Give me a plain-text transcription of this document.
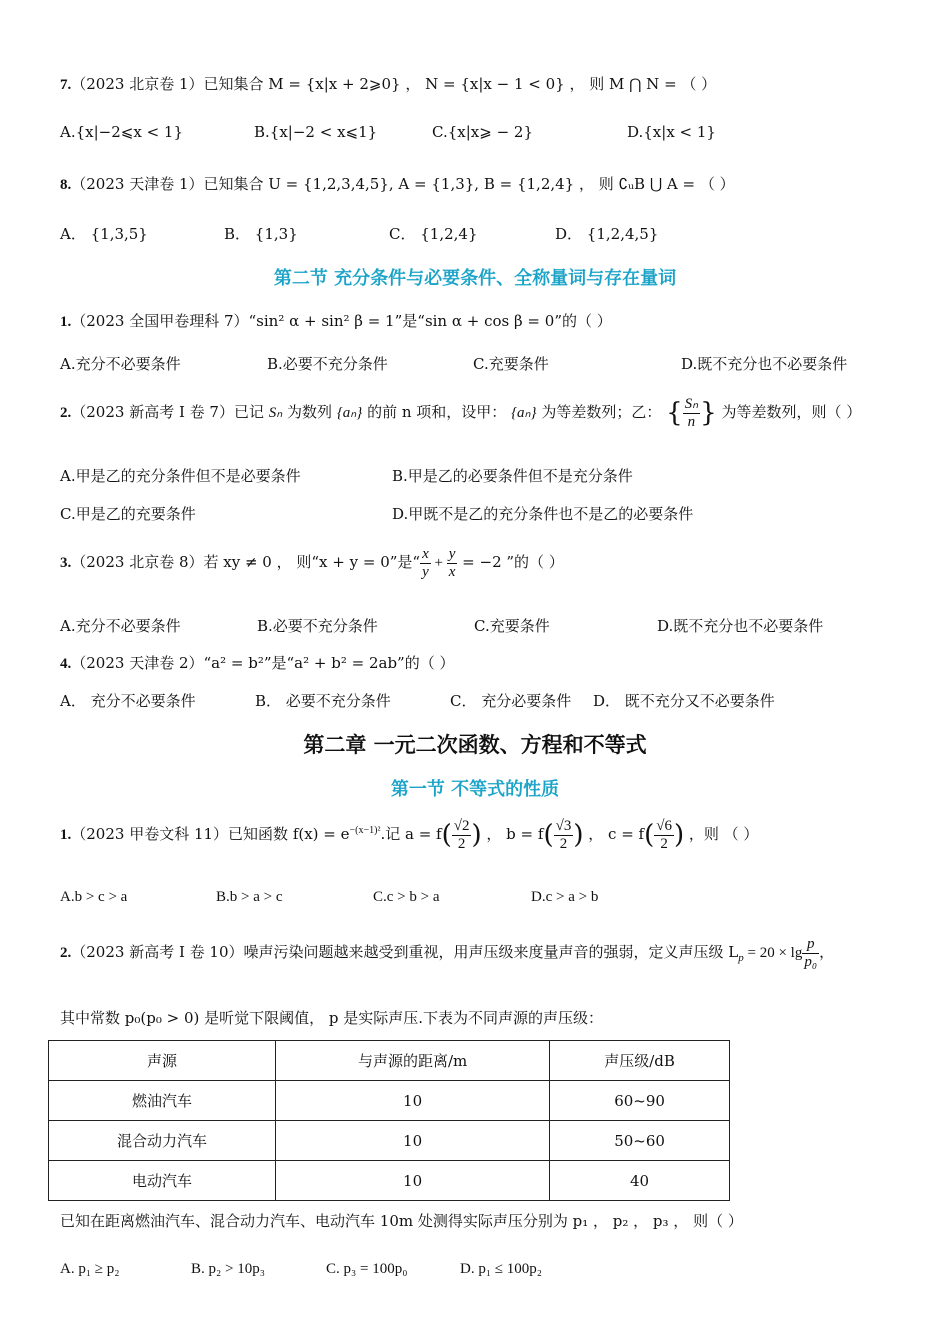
7.（2023 北京卷 1）已知集合 M = {x|x + 2⩾0} ， N = {x|x − 1 < 0} ， 则 M ⋂ N = （ ）
A.{x|−2⩽x < 1}	B.{x|−2 < x⩽1}	C.{x|x⩾ − 2}	D.{x|x < 1}
8.（2023 天津卷 1）已知集合 U = {1,2,3,4,5}, A = {1,3}, B = {1,2,4} ， 则 ∁ᵤB ⋃ A = （ ）
A． {1,3,5}	B． {1,3}	C． {1,2,4}	D． {1,2,4,5}
第二节 充分条件与必要条件、全称量词与存在量词
1.（2023 全国甲卷理科 7）“sin² α + sin² β = 1”是“sin α + cos β = 0”的（ ）
A.充分不必要条件	B.必要不充分条件	C.充要条件	D.既不充分也不必要条件
2.（2023 新高考 I 卷 7）已记 Sₙ 为数列 {aₙ} 的前 n 项和，设甲： {aₙ} 为等差数列；乙： { $\frac{\text{Sₙ}}{n}$ } 为等差数列，则（ ）
A.甲是乙的充分条件但不是必要条件	B.甲是乙的必要条件但不是充分条件
C.甲是乙的充要条件	D.甲既不是乙的充分条件也不是乙的必要条件
3.（2023 北京卷 8）若 xy ≠ 0 ， 则“x + y = 0”是“ $\frac{x}{y} + \frac{y}{x} = -2$ ”的（ ）
A.充分不必要条件	B.必要不充分条件	C.充要条件	D.既不充分也不必要条件
4.（2023 天津卷 2）“a² = b²”是“a² + b² = 2ab”的（ ）
A． 充分不必要条件	B． 必要不充分条件	C． 充分必要条件 D． 既不充分又不必要条件
第二章 一元二次函数、方程和不等式
第一节 不等式的性质
1.（2023 甲卷文科 11）已知函数 $f(x) = e^{-(x-1)^2}$.记 $a = f( \frac{√2}{2}$ ) ， $b = f( \frac{√3}{2}$ ) ， $c = f( \frac{√6}{2}$ ) ，则 （ ）
A.b > c > a	B.b > a > c	C.c > b > a	D.c > a > b
2.（2023 新高考 I 卷 10）噪声污染问题越来越受到重视，用声压级来度量声音的强弱，定义声压级 $L_p = 20 \times \lg \frac{p}{\text{p₀}}$ ，
其中常数 p₀(p₀ > 0) 是听觉下限阈值， p 是实际声压.下表为不同声源的声压级：
声源	与声源的距离/m	声压级/dB
燃油汽车	10	60~90
混合动力汽车	10	50~60
电动汽车	10	40
已知在距离燃油汽车、混合动力汽车、电动汽车 10m 处测得实际声压分别为 p₁ ， p₂ ， p₃ ， 则（ ）
A. p₁ ≥ p₂	B. p₂ > 10p₃	C. p₃ = 100p₀	D. p₁ ≤ 100p₂
